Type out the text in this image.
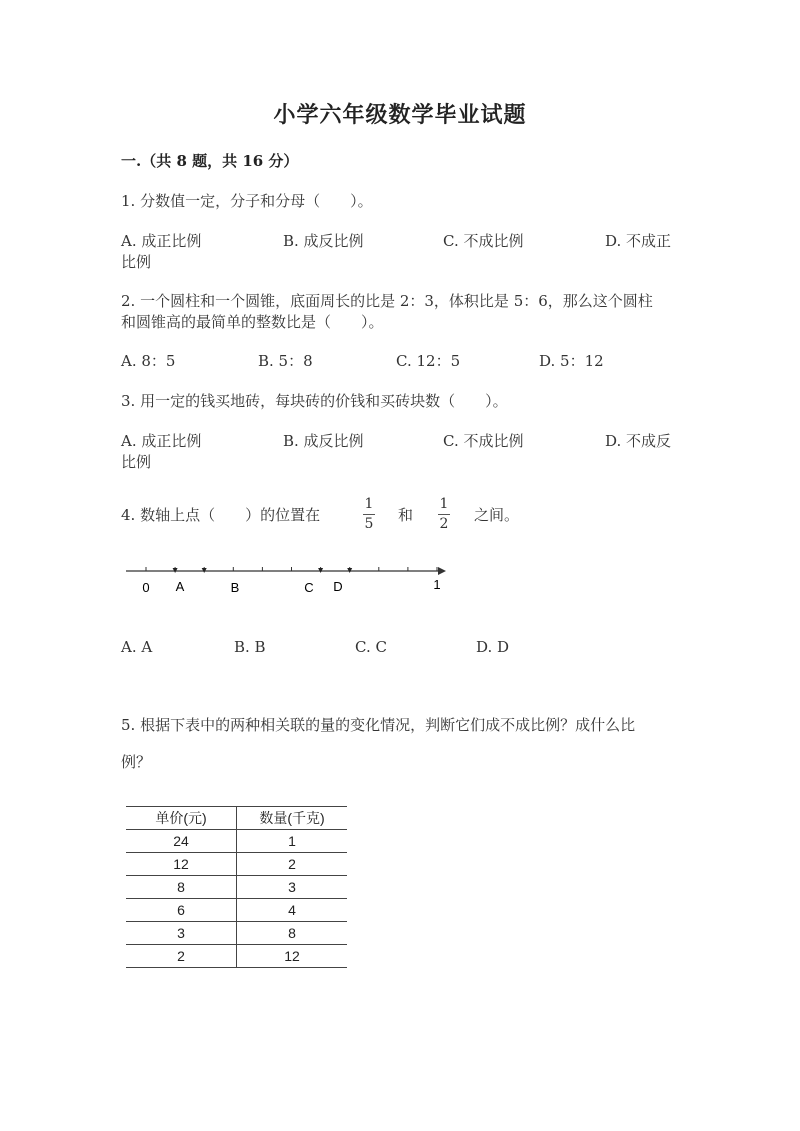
小学六年级数学毕业试题
一.（共 8 题，共 16 分）
1. 分数值一定，分子和分母（　　）。
A. 成正比例	B. 成反比例	C. 不成比例	D. 不成正
比例
2. 一个圆柱和一个圆锥，底面周长的比是 2：3，体积比是 5：6，那么这个圆柱
和圆锥高的最简单的整数比是（　　）。
A. 8：5	B. 5：8	C. 12：5	D. 5：12
3. 用一定的钱买地砖，每块砖的价钱和买砖块数（　　）。
A. 成正比例	B. 成反比例	C. 不成比例	D. 不成反
比例
4. 数轴上点（　　）的位置在
1
5 和
1
2 之间。
0 A	B	C D	1
A. A	B. B	C. C	D. D
5. 根据下表中的两种相关联的量的变化情况，判断它们成不成比例？成什么比
例？
单价(元)	数量(千克)
24	1
12	2
8	3
6	4
3	8
2	12
